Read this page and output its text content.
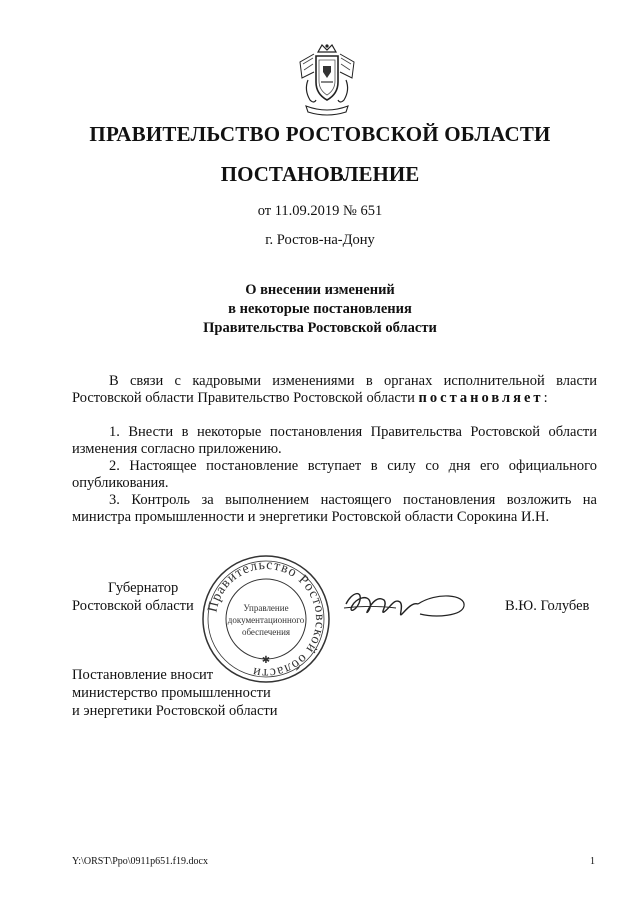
ПРАВИТЕЛЬСТВО РОСТОВСКОЙ ОБЛАСТИ
ПОСТАНОВЛЕНИЕ
от 11.09.2019 № 651
г. Ростов-на-Дону
О внесении изменений
в некоторые постановления
Правительства Ростовской области
В связи с кадровыми изменениями в органах исполнительной власти Ростовской области Правительство Ростовской области постановляет:
1. Внести в некоторые постановления Правительства Ростовской области изменения согласно приложению.
2. Настоящее постановление вступает в силу со дня его официального опубликования.
3. Контроль за выполнением настоящего постановления возложить на министра промышленности и энергетики Ростовской области Сорокина И.Н.
Губернатор
Ростовской области Правительство Ростовской области
Управление
документационного
обеспечения
✱
В.Ю. Голубев
Постановление вносит
министерство промышленности
и энергетики Ростовской области
Y:\ORST\Ppo\0911p651.f19.docx	1
